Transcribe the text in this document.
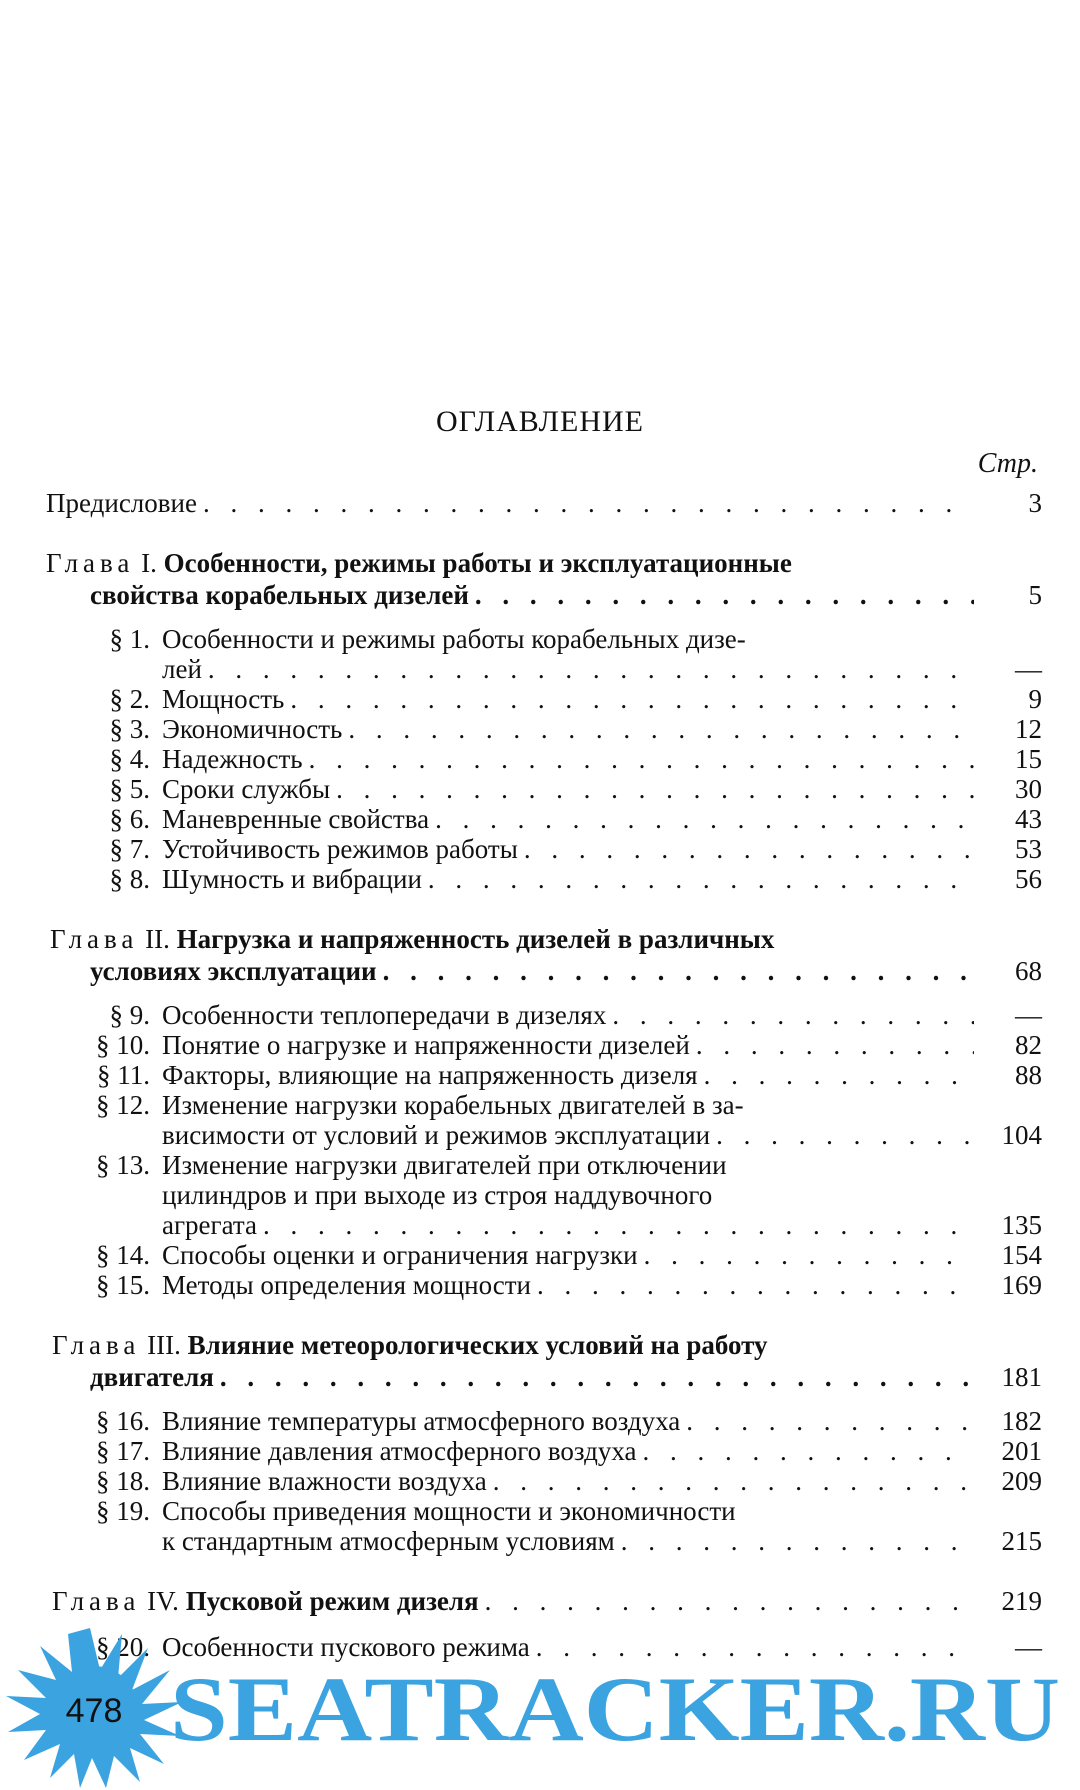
ОГЛАВЛЕНИЕ
Стр.
Предисловие . . .	3
Глава I. Особенности, режимы работы и эксплуатационные
свойства корабельных дизелей . . .	5
§ 1. Особенности и режимы работы корабельных дизе-
лей . . .	—
§ 2. Мощность . . .	9
§ 3. Экономичность . . .	12
§ 4. Надежность . . .	15
§ 5. Сроки службы . . .	30
§ 6. Маневренные свойства . . .	43
§ 7. Устойчивость режимов работы . . .	53
§ 8. Шумность и вибрации . . .	56
Глава II. Нагрузка и напряженность дизелей в различных
условиях эксплуатации . . .	68
§ 9. Особенности теплопередачи в дизелях . . .	—
§ 10. Понятие о нагрузке и напряженности дизелей . . .	82
§ 11. Факторы, влияющие на напряженность дизеля . . .	88
§ 12. Изменение нагрузки корабельных двигателей в за-
висимости от условий и режимов эксплуатации . . .	104
§ 13. Изменение нагрузки двигателей при отключении
цилиндров и при выходе из строя наддувочного
агрегата . . .	135
§ 14. Способы оценки и ограничения нагрузки . . .	154
§ 15. Методы определения мощности . . .	169
Глава III. Влияние метеорологических условий на работу
двигателя . . .	181
§ 16. Влияние температуры атмосферного воздуха . . .	182
§ 17. Влияние давления атмосферного воздуха . . .	201
§ 18. Влияние влажности воздуха . . .	209
§ 19. Способы приведения мощности и экономичности
к стандартным атмосферным условиям . . .	215
Глава IV. Пусковой режим дизеля . . .	219
§ 20. Особенности пускового режима . . .	—
478 SEATRACKER.RU
